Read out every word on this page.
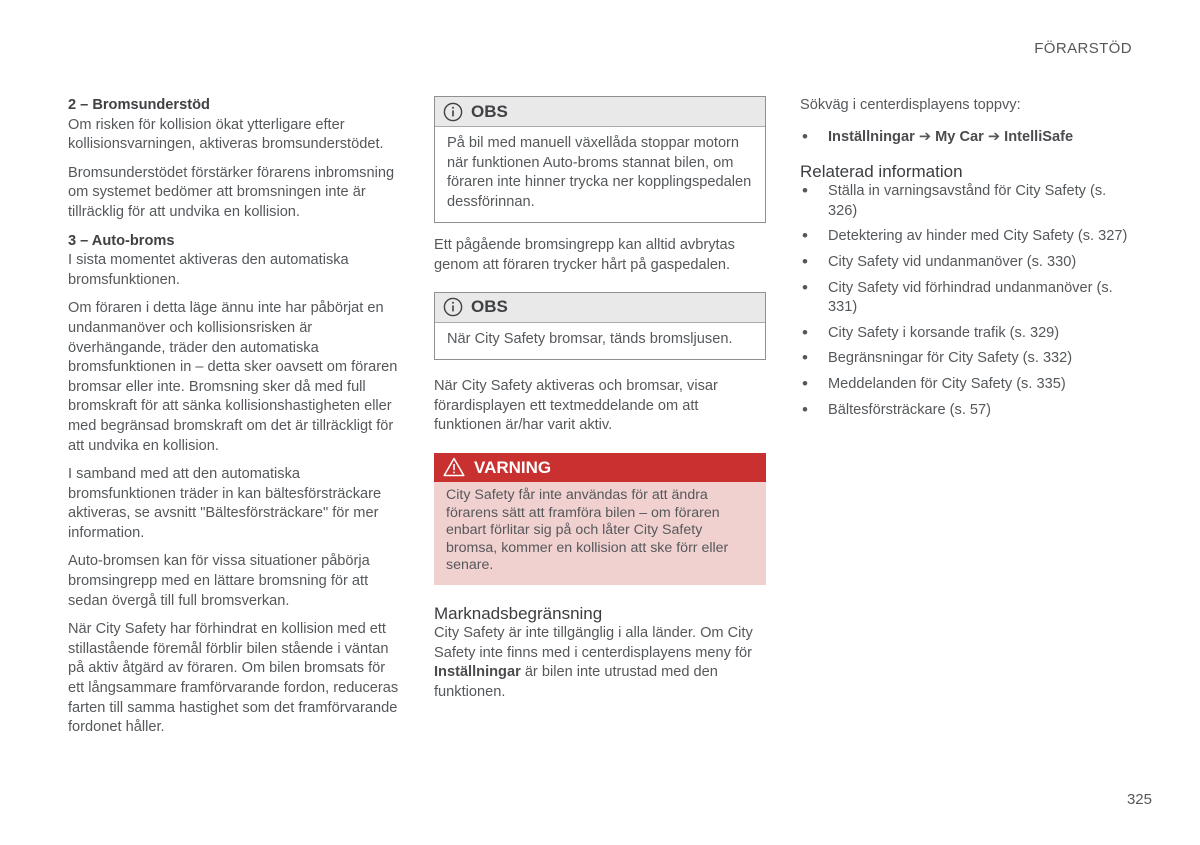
FÖRARSTÖD
2 – Bromsunderstöd

Om risken för kollision ökat ytterligare efter kollisionsvarningen, aktiveras bromsunderstödet.

Bromsunderstödet förstärker förarens inbromsning om systemet bedömer att bromsningen inte är tillräcklig för att undvika en kollision.

3 – Auto-broms

I sista momentet aktiveras den automatiska bromsfunktionen.

Om föraren i detta läge ännu inte har påbörjat en undanmanöver och kollisionsrisken är överhängande, träder den automatiska bromsfunktionen in – detta sker oavsett om föraren bromsar eller inte. Bromsning sker då med full bromskraft för att sänka kollisionshastigheten eller med begränsad bromskraft om det är tillräckligt för att undvika en kollision.

I samband med att den automatiska bromsfunktionen träder in kan bältesförsträckare aktiveras, se avsnitt "Bältesförsträckare" för mer information.

Auto-bromsen kan för vissa situationer påbörja bromsingrepp med en lättare bromsning för att sedan övergå till full bromsverkan.

När City Safety har förhindrat en kollision med ett stillastående föremål förblir bilen stående i väntan på aktiv åtgärd av föraren. Om bilen bromsats för ett långsammare framförvarande fordon, reduceras farten till samma hastighet som det framförvarande fordonet håller.

OBS
På bil med manuell växellåda stoppar motorn när funktionen Auto-broms stannat bilen, om föraren inte hinner trycka ner kopplingspedalen dessförinnan.

Ett pågående bromsingrepp kan alltid avbrytas genom att föraren trycker hårt på gaspedalen.

OBS
När City Safety bromsar, tänds bromsljusen.

När City Safety aktiveras och bromsar, visar förardisplayen ett textmeddelande om att funktionen är/har varit aktiv.

VARNING
City Safety får inte användas för att ändra förarens sätt att framföra bilen – om föraren enbart förlitar sig på och låter City Safety bromsa, kommer en kollision att ske förr eller senare.
Marknadsbegränsning

City Safety är inte tillgänglig i alla länder. Om City Safety inte finns med i centerdisplayens meny för Inställningar är bilen inte utrustad med den funktionen.

Sökväg i centerdisplayens toppvy:

• Inställningar ➔ My Car ➔ IntelliSafe
Relaterad information
• Ställa in varningsavstånd för City Safety (s. 326)
• Detektering av hinder med City Safety (s. 327)
• City Safety vid undanmanöver (s. 330)
• City Safety vid förhindrad undanmanöver (s. 331)
• City Safety i korsande trafik (s. 329)
• Begränsningar för City Safety (s. 332)
• Meddelanden för City Safety (s. 335)
• Bältesförsträckare (s. 57)
325
